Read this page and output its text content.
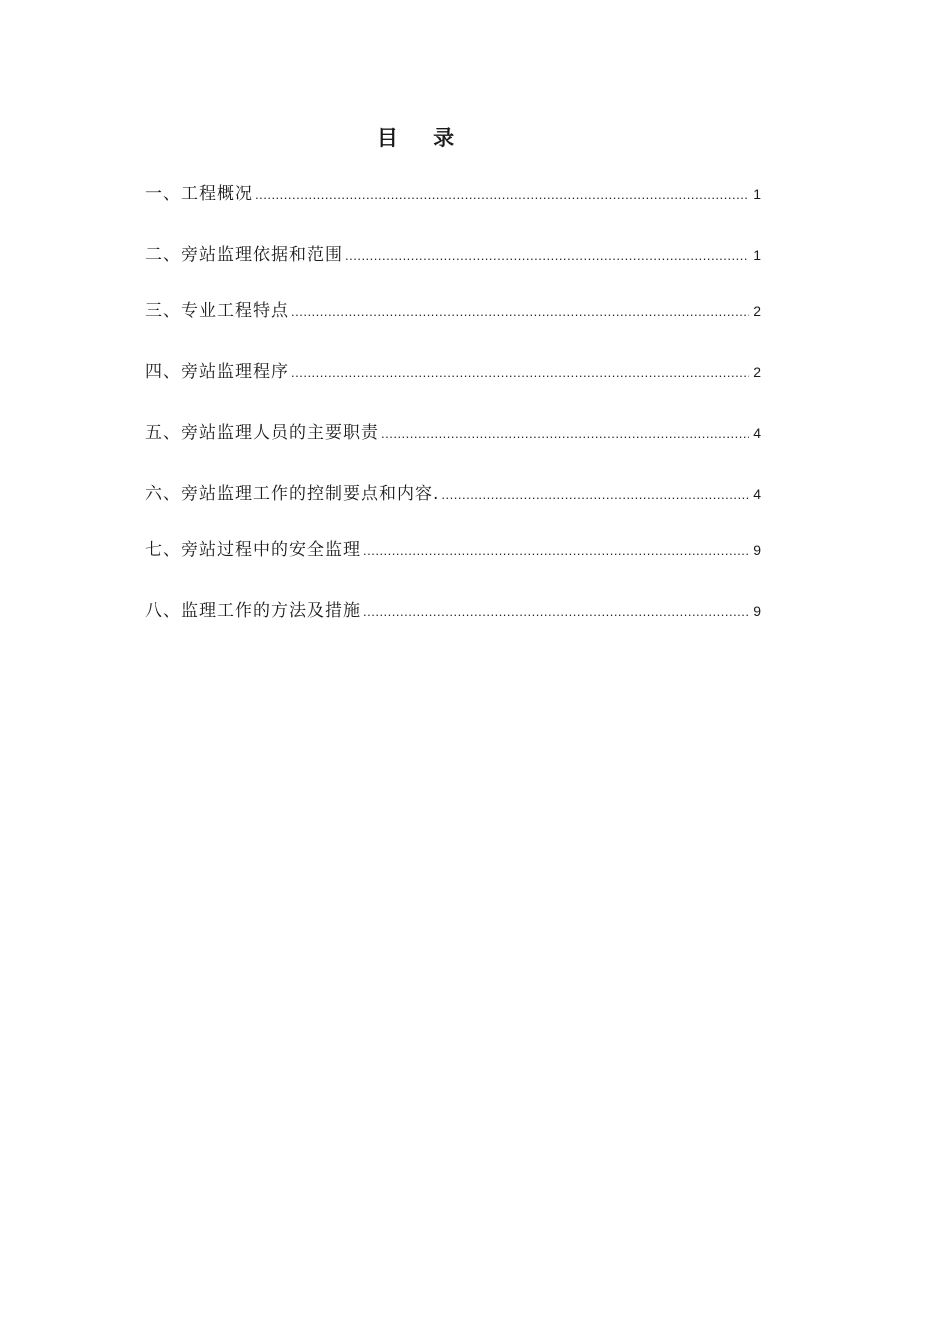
目 录
一、工程概况 .....	1
二、旁站监理依据和范围 .....	1
三、专业工程特点 .....	2
四、旁站监理程序 .....	2
五、旁站监理人员的主要职责 .....	4
六、旁站监理工作的控制要点和内容. .....	4
七、旁站过程中的安全监理 .....	9
八、监理工作的方法及措施 .....	9
